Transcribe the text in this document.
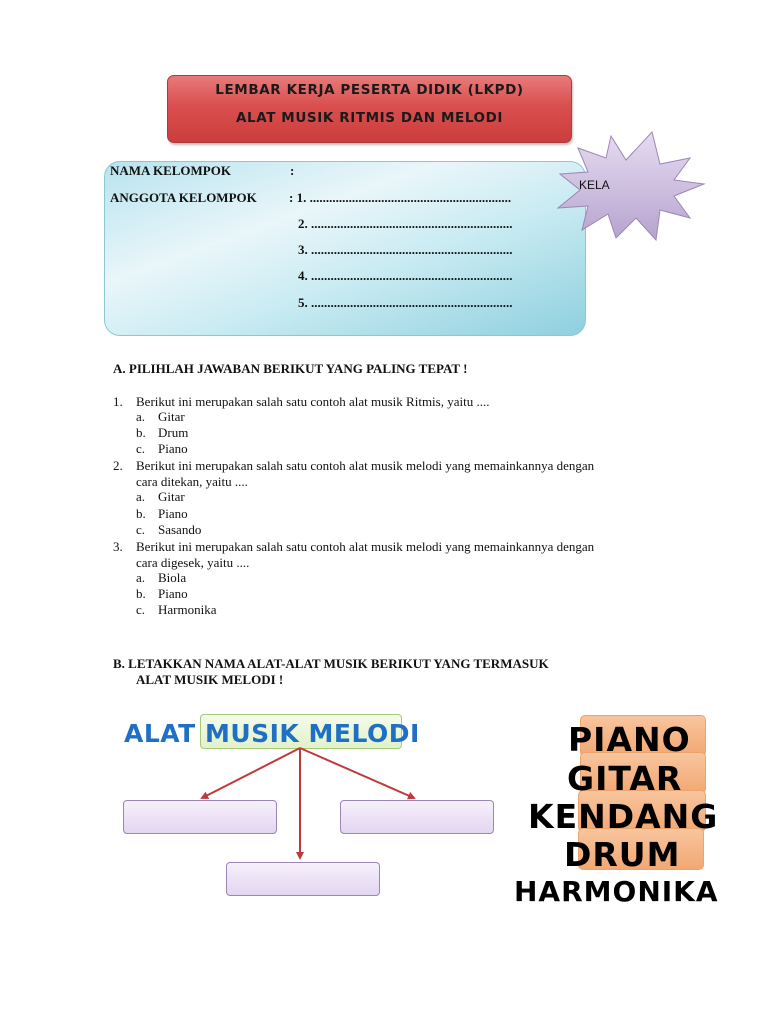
LEMBAR KERJA PESERTA DIDIK (LKPD)
ALAT MUSIK RITMIS DAN MELODI
NAMA KELOMPOK	:
ANGGOTA KELOMPOK : 1. ..............................................................
2. ..............................................................
3. ..............................................................
4. ..............................................................
5. ..............................................................
KELA
A. PILIHLAH JAWABAN BERIKUT YANG PALING TEPAT !
1. Berikut ini merupakan salah satu contoh alat musik Ritmis, yaitu ....
a. Gitar
b. Drum
c. Piano
2. Berikut ini merupakan salah satu contoh alat musik melodi yang memainkannya dengan
cara ditekan, yaitu ....
a. Gitar
b. Piano
c. Sasando
3. Berikut ini merupakan salah satu contoh alat musik melodi yang memainkannya dengan
cara digesek, yaitu ....
a. Biola
b. Piano
c. Harmonika
B. LETAKKAN NAMA ALAT-ALAT MUSIK BERIKUT YANG TERMASUK
ALAT MUSIK MELODI !
ALAT MUSIK MELODI	PIANO
GITAR
KENDANG
DRUM
HARMONIKA
